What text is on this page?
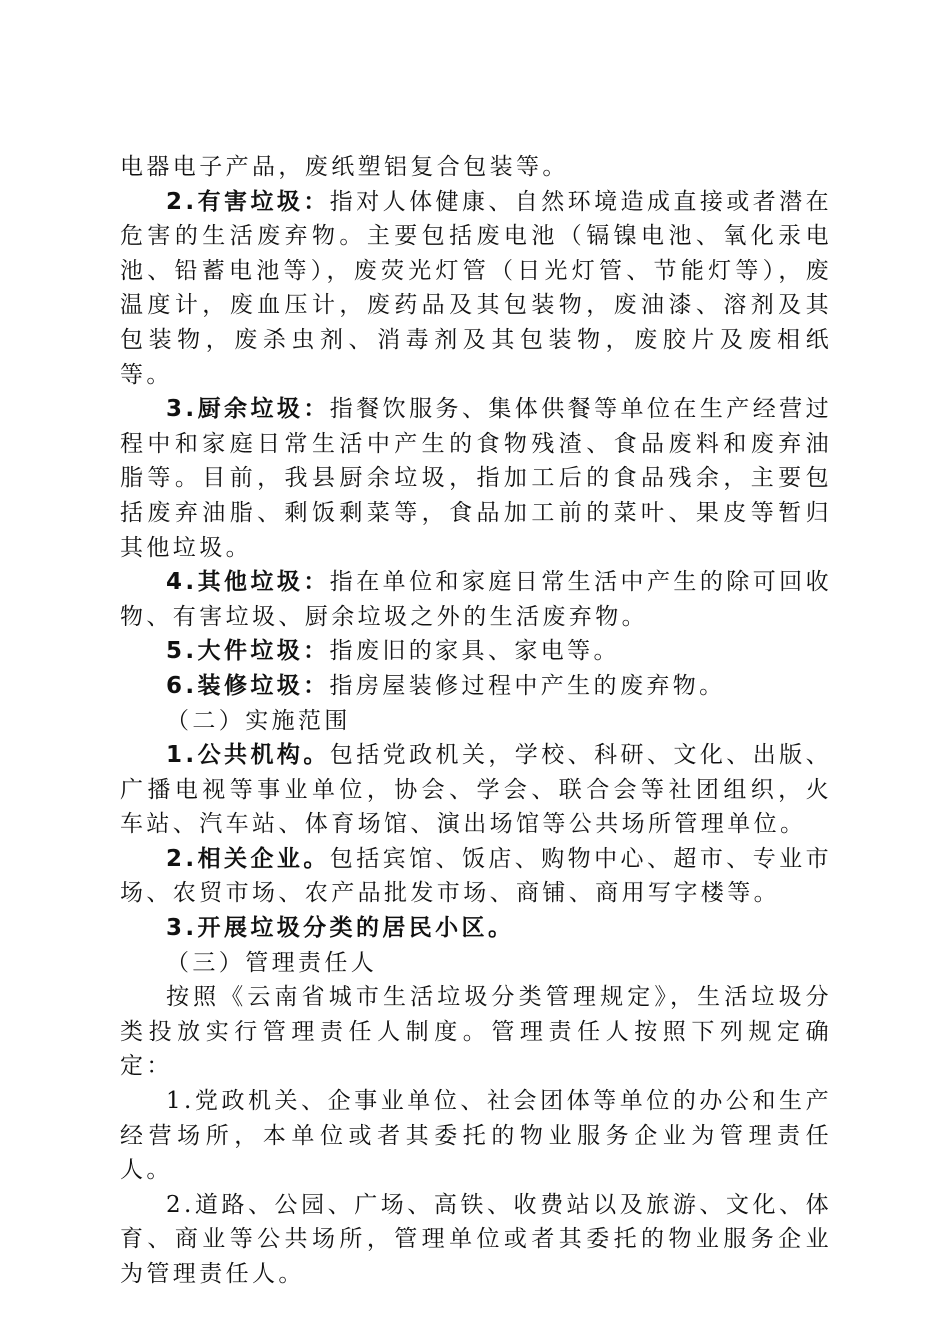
电器电子产品，废纸塑铝复合包装等。

2.有害垃圾：指对人体健康、自然环境造成直接或者潜在危害的生活废弃物。主要包括废电池（镉镍电池、氧化汞电池、铅蓄电池等），废荧光灯管（日光灯管、节能灯等），废温度计，废血压计，废药品及其包装物，废油漆、溶剂及其包装物，废杀虫剂、消毒剂及其包装物，废胶片及废相纸等。

3.厨余垃圾：指餐饮服务、集体供餐等单位在生产经营过程中和家庭日常生活中产生的食物残渣、食品废料和废弃油脂等。目前，我县厨余垃圾，指加工后的食品残余，主要包括废弃油脂、剩饭剩菜等，食品加工前的菜叶、果皮等暂归其他垃圾。

4.其他垃圾：指在单位和家庭日常生活中产生的除可回收物、有害垃圾、厨余垃圾之外的生活废弃物。

5.大件垃圾：指废旧的家具、家电等。

6.装修垃圾：指房屋装修过程中产生的废弃物。

（二）实施范围

1.公共机构。包括党政机关，学校、科研、文化、出版、广播电视等事业单位，协会、学会、联合会等社团组织，火车站、汽车站、体育场馆、演出场馆等公共场所管理单位。

2.相关企业。包括宾馆、饭店、购物中心、超市、专业市场、农贸市场、农产品批发市场、商铺、商用写字楼等。

3.开展垃圾分类的居民小区。

（三）管理责任人

按照《云南省城市生活垃圾分类管理规定》，生活垃圾分类投放实行管理责任人制度。管理责任人按照下列规定确定：

1.党政机关、企事业单位、社会团体等单位的办公和生产经营场所，本单位或者其委托的物业服务企业为管理责任人。

2.道路、公园、广场、高铁、收费站以及旅游、文化、体育、商业等公共场所，管理单位或者其委托的物业服务企业为管理责任人。
